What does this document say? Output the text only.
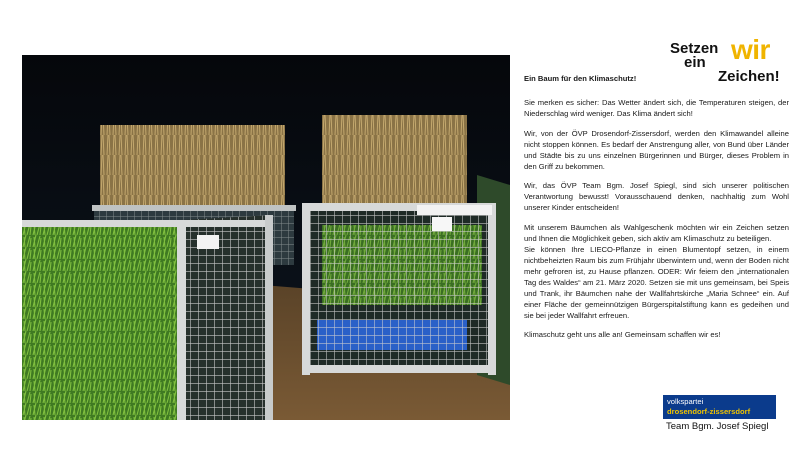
Setzen
ein wir
Zeichen!
Ein Baum für den Klimaschutz!

Sie merken es sicher: Das Wetter ändert sich, die Temperaturen steigen, der Niederschlag wird weniger. Das Klima ändert sich!

Wir, von der ÖVP Drosendorf-Zissersdorf, werden den Klimawandel alleine nicht stoppen können. Es bedarf der Anstrengung aller, von Bund über Länder und Städte bis zu uns einzelnen Bürgerinnen und Bürger, dieses Problem in den Griff zu bekommen.

Wir, das ÖVP Team Bgm. Josef Spiegl, sind sich unserer politischen Verantwortung bewusst! Vorausschauend denken, nachhaltig zum Wohl unserer Kinder entscheiden!

Mit unserem Bäumchen als Wahlgeschenk möchten wir ein Zeichen setzen und Ihnen die Möglichkeit geben, sich aktiv am Klimaschutz zu beteiligen.
Sie können Ihre LIECO-Pflanze in einen Blumentopf setzen, in einem nichtbeheizten Raum bis zum Frühjahr überwintern und, wenn der Boden nicht mehr gefroren ist, zu Hause pflanzen. ODER: Wir feiern den „internationalen Tag des Waldes“ am 21. März 2020. Setzen sie mit uns gemeinsam, bei Speis und Trank, ihr Bäumchen nahe der Wallfahrtskirche „Maria Schnee“ ein. Auf einer Fläche der gemeinnützigen Bürgerspitalstiftung kann es gedeihen und sie bei jeder Wallfahrt erfreuen.

Klimaschutz geht uns alle an! Gemeinsam schaffen wir es!

volkspartei
drosendorf-zissersdorf
Team Bgm. Josef Spiegl
